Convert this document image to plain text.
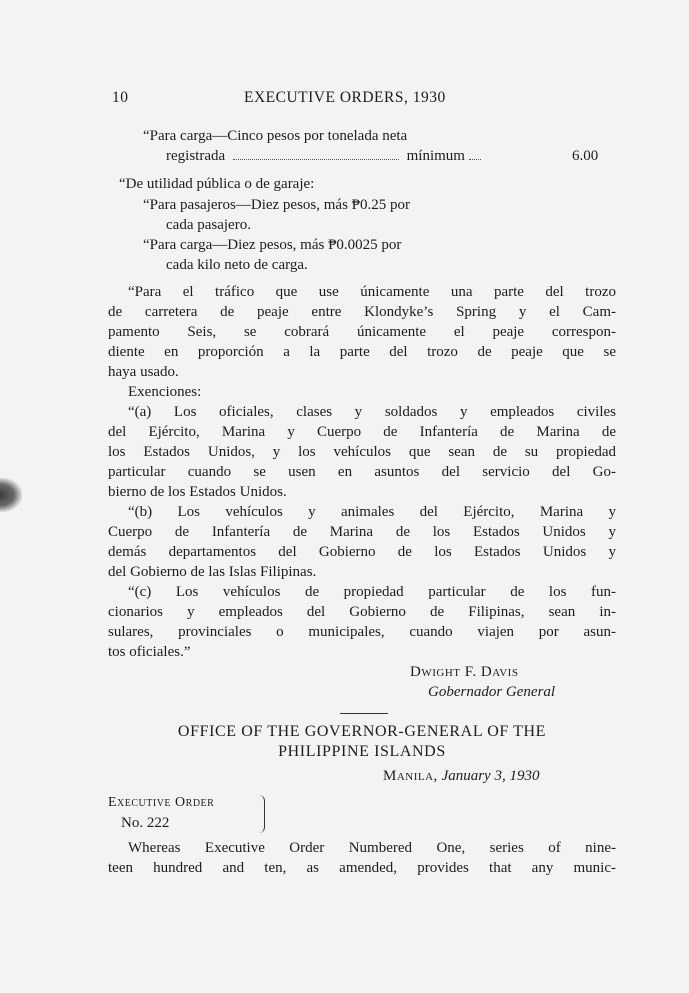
10	EXECUTIVE ORDERS, 1930
“Para carga—Cinco pesos por tonelada neta
registrada	mínimum	6.00
“De utilidad pública o de garaje:
“Para pasajeros—Diez pesos, más ₱0.25 por
cada pasajero.
“Para carga—Diez pesos, más ₱0.0025 por
cada kilo neto de carga.
“Para el tráfico que use únicamente una parte del trozo
de carretera de peaje entre Klondyke’s Spring y el Cam-
pamento Seis, se cobrará únicamente el peaje correspon-
diente en proporción a la parte del trozo de peaje que se
haya usado.
Exenciones:
“(a) Los oficiales, clases y soldados y empleados civiles
del Ejército, Marina y Cuerpo de Infantería de Marina de
los Estados Unidos, y los vehículos que sean de su propiedad
particular cuando se usen en asuntos del servicio del Go-
bierno de los Estados Unidos.
“(b) Los vehículos y animales del Ejército, Marina y
Cuerpo de Infantería de Marina de los Estados Unidos y
demás departamentos del Gobierno de los Estados Unidos y
del Gobierno de las Islas Filipinas.
“(c) Los vehículos de propiedad particular de los fun-
cionarios y empleados del Gobierno de Filipinas, sean in-
sulares, provinciales o municipales, cuando viajen por asun-
tos oficiales.”
Dwight F. Davis
Gobernador General
OFFICE OF THE GOVERNOR-GENERAL OF THE
PHILIPPINE ISLANDS
Manila, January 3, 1930
Executive Order
No. 222
Whereas Executive Order Numbered One, series of nine-
teen hundred and ten, as amended, provides that any munic-
